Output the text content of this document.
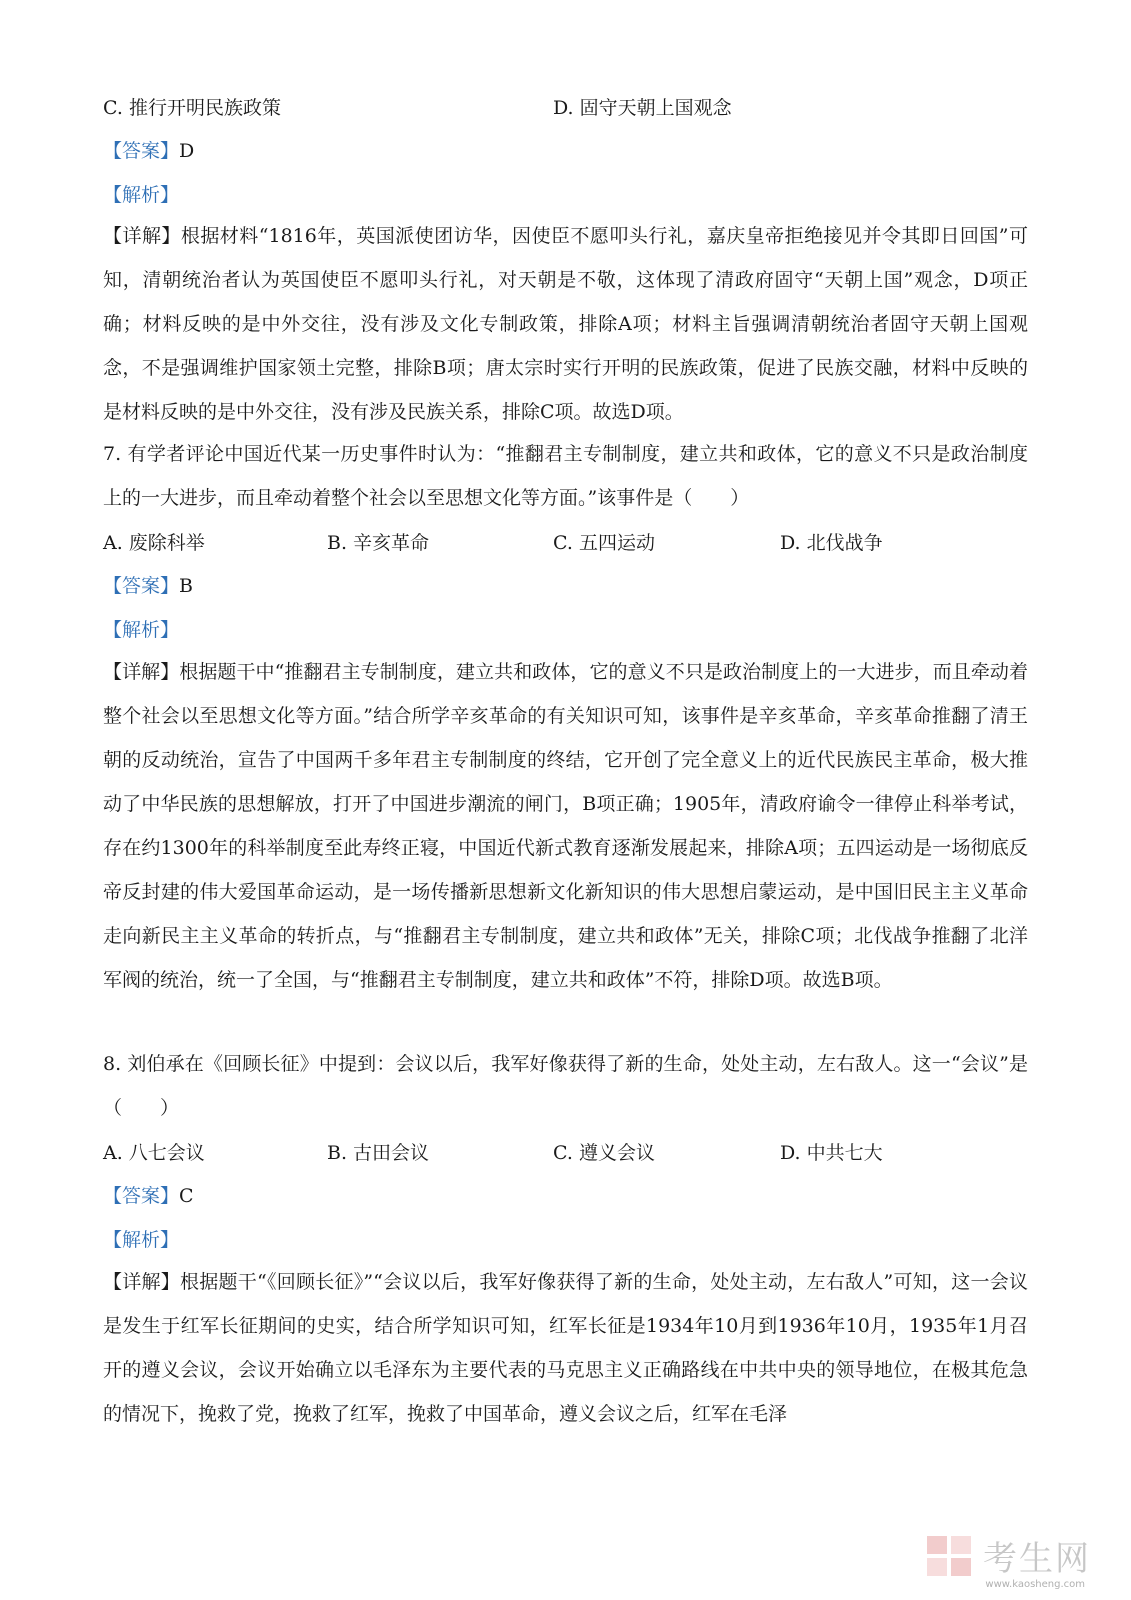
C. 推行开明民族政策	D. 固守天朝上国观念
【答案】D
【解析】
【详解】根据材料“1816年，英国派使团访华，因使臣不愿叩头行礼，嘉庆皇帝拒绝接见并令其即日回国”可知，清朝统治者认为英国使臣不愿叩头行礼，对天朝是不敬，这体现了清政府固守“天朝上国”观念，D项正确；材料反映的是中外交往，没有涉及文化专制政策，排除A项；材料主旨强调清朝统治者固守天朝上国观念，不是强调维护国家领土完整，排除B项；唐太宗时实行开明的民族政策，促进了民族交融，材料中反映的是材料反映的是中外交往，没有涉及民族关系，排除C项。故选D项。
7. 有学者评论中国近代某一历史事件时认为：“推翻君主专制制度，建立共和政体，它的意义不只是政治制度上的一大进步，而且牵动着整个社会以至思想文化等方面。”该事件是（　　）
A. 废除科举	B. 辛亥革命	C. 五四运动	D. 北伐战争
【答案】B
【解析】
【详解】根据题干中“推翻君主专制制度，建立共和政体，它的意义不只是政治制度上的一大进步，而且牵动着整个社会以至思想文化等方面。”结合所学辛亥革命的有关知识可知，该事件是辛亥革命，辛亥革命推翻了清王朝的反动统治，宣告了中国两千多年君主专制制度的终结，它开创了完全意义上的近代民族民主革命，极大推动了中华民族的思想解放，打开了中国进步潮流的闸门，B项正确；1905年，清政府谕令一律停止科举考试，存在约1300年的科举制度至此寿终正寝，中国近代新式教育逐渐发展起来，排除A项；五四运动是一场彻底反帝反封建的伟大爱国革命运动，是一场传播新思想新文化新知识的伟大思想启蒙运动，是中国旧民主主义革命走向新民主主义革命的转折点，与“推翻君主专制制度，建立共和政体”无关，排除C项；北伐战争推翻了北洋军阀的统治，统一了全国，与“推翻君主专制制度，建立共和政体”不符，排除D项。故选B项。
8. 刘伯承在《回顾长征》中提到：会议以后，我军好像获得了新的生命，处处主动，左右敌人。这一“会议”是（　　）
A. 八七会议	B. 古田会议	C. 遵义会议	D. 中共七大
【答案】C
【解析】
【详解】根据题干“《回顾长征》”“会议以后，我军好像获得了新的生命，处处主动，左右敌人”可知，这一会议是发生于红军长征期间的史实，结合所学知识可知，红军长征是1934年10月到1936年10月，1935年1月召开的遵义会议，会议开始确立以毛泽东为主要代表的马克思主义正确路线在中共中央的领导地位，在极其危急的情况下，挽救了党，挽救了红军，挽救了中国革命，遵义会议之后，红军在毛泽
考生网
www.kaosheng.com
